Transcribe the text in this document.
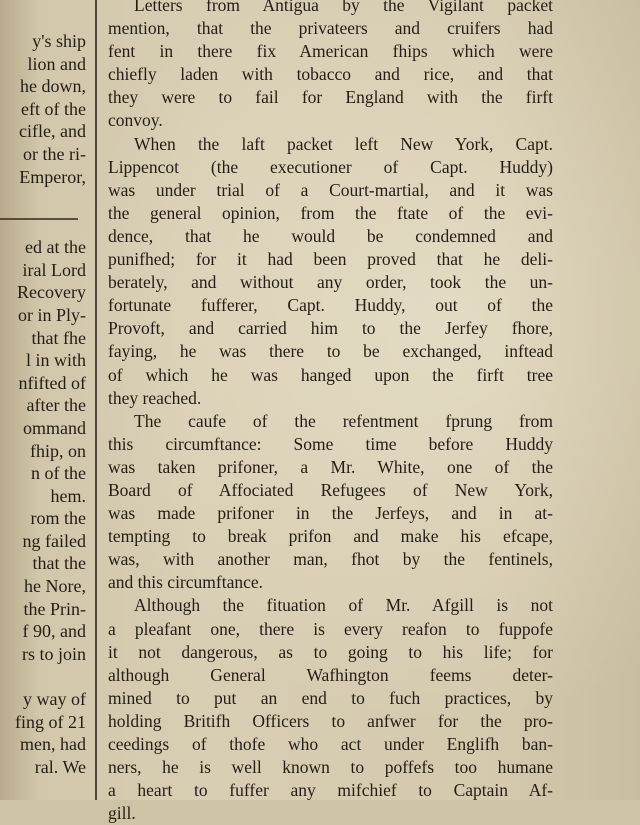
y's ship
lion and
he down,
eft of the
cifle, and
or the ri-
Emperor,
ed at the
iral Lord
Recovery
or in Ply-
that fhe
l in with
nfifted of
after the
ommand
fhip, on
n of the
hem.
rom the
ng failed
that the
he Nore,
the Prin-
f 90, and
rs to join
y way of
fing of 21
men, had
ral. We
Letters from Antigua by the Vigilant packet
mention, that the privateers and cruifers had
fent in there fix American fhips which were
chiefly laden with tobacco and rice, and that
they were to fail for England with the firft
convoy.
When the laft packet left New York, Capt.
Lippencot (the executioner of Capt. Huddy)
was under trial of a Court-martial, and it was
the general opinion, from the ftate of the evi-
dence, that he would be condemned and
punifhed; for it had been proved that he deli-
berately, and without any order, took the un-
fortunate fufferer, Capt. Huddy, out of the
Provoft, and carried him to the Jerfey fhore,
faying, he was there to be exchanged, inftead
of which he was hanged upon the firft tree
they reached.
The caufe of the refentment fprung from
this circumftance: Some time before Huddy
was taken prifoner, a Mr. White, one of the
Board of Affociated Refugees of New York,
was made prifoner in the Jerfeys, and in at-
tempting to break prifon and make his efcape,
was, with another man, fhot by the fentinels,
and this circumftance.
Although the fituation of Mr. Afgill is not
a pleafant one, there is every reafon to fuppofe
it not dangerous, as to going to his life; for
although General Wafhington feems deter-
mined to put an end to fuch practices, by
holding Britifh Officers to anfwer for the pro-
ceedings of thofe who act under Englifh ban-
ners, he is well known to poffefs too humane
a heart to fuffer any mifchief to Captain Af-
gill.
